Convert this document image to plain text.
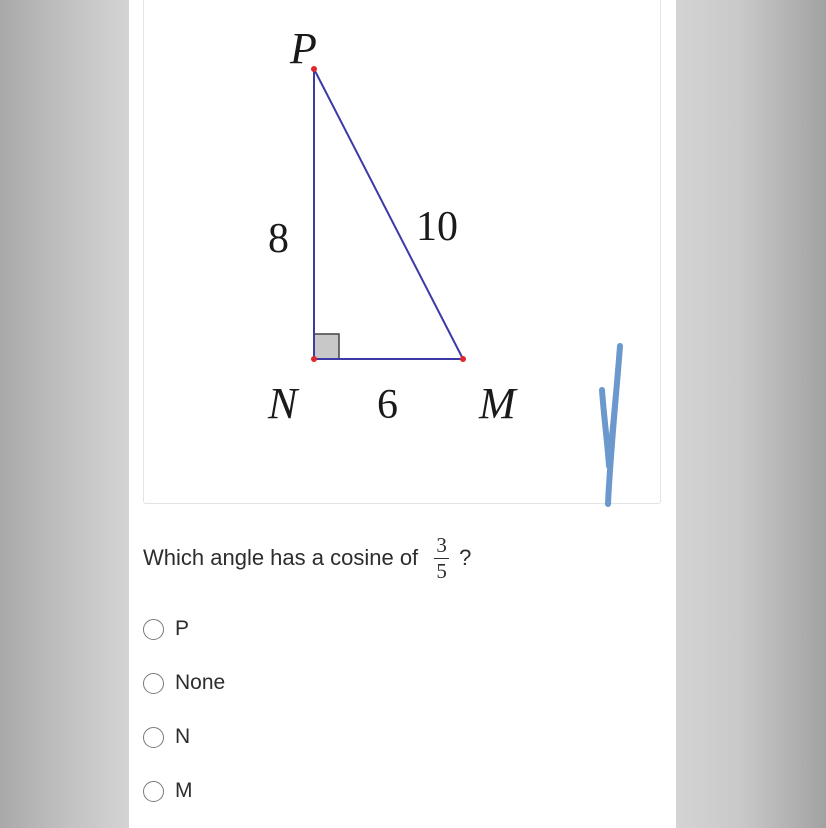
P
N	M
8	10
6
Which angle has a cosine of $\frac{3}{5}$ ?
P
None
N
M
